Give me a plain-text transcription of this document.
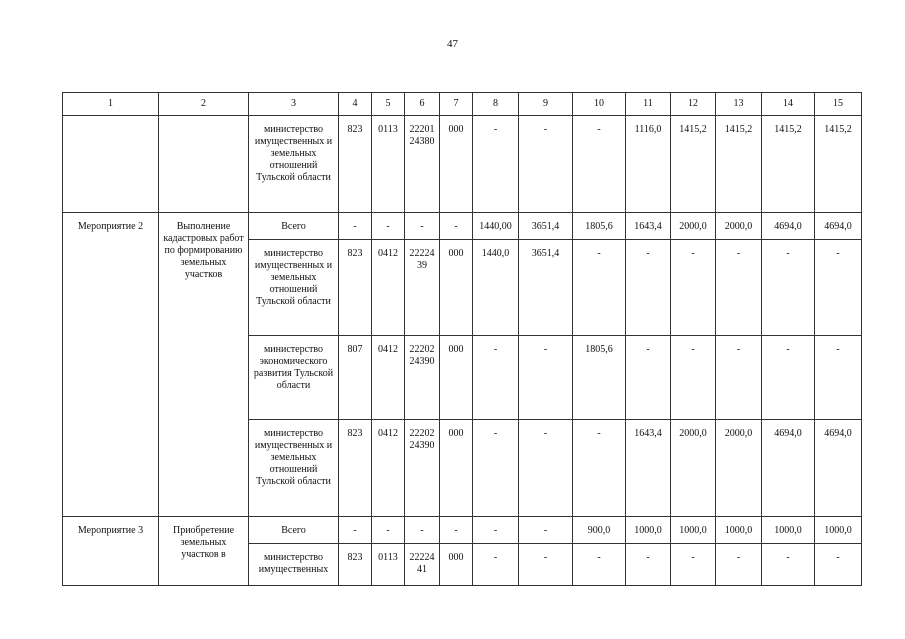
47
1	2	3	4	5	6	7	8	9	10	11	12	13	14	15
		министерство имущественных и земельных отношений Тульской области	823	0113	22201 24380	000	-	-	-	1116,0	1415,2	1415,2	1415,2	1415,2
Мероприятие 2	Выполнение кадастровых работ по формированию земельных участков	Всего	-	-	-	-	1440,00	3651,4	1805,6	1643,4	2000,0	2000,0	4694,0	4694,0
		министерство имущественных и земельных отношений Тульской области	823	0412	22224 39	000	1440,0	3651,4	-	-	-	-	-	-
		министерство экономического развития Тульской области	807	0412	22202 24390	000	-	-	1805,6	-	-	-	-	-
		министерство имущественных и земельных отношений Тульской области	823	0412	22202 24390	000	-	-	-	1643,4	2000,0	2000,0	4694,0	4694,0
Мероприятие 3	Приобретение земельных участков в	Всего	-	-	-	-	-	-	900,0	1000,0	1000,0	1000,0	1000,0	1000,0
		министерство имущественных	823	0113	22224 41	000	-	-	-	-	-	-	-	-
